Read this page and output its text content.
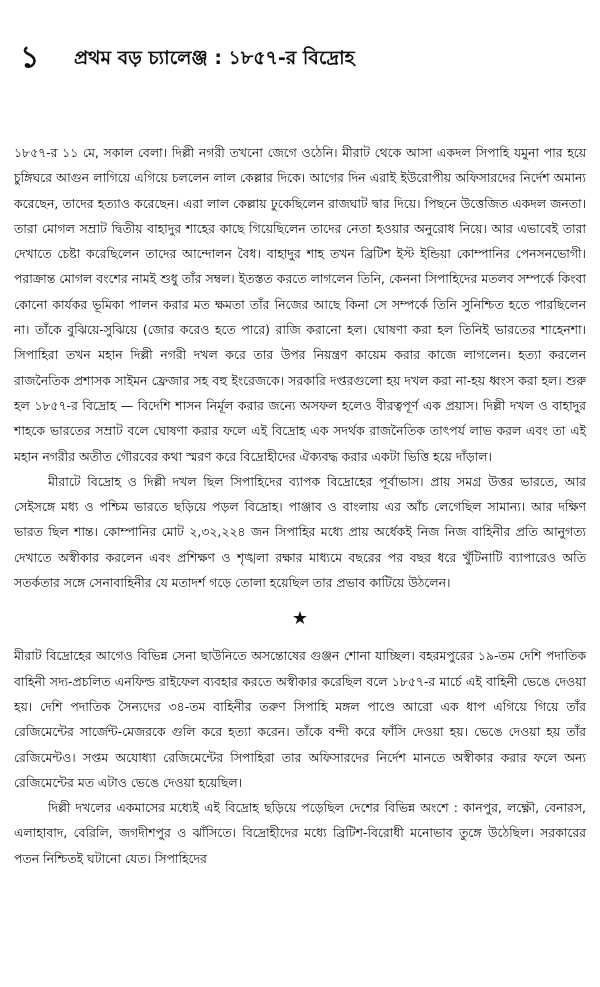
১	প্রথম বড় চ্যালেঞ্জ : ১৮৫৭-র বিদ্রোহ

১৮৫৭-র ১১ মে, সকাল বেলা। দিল্লী নগরী তখনো জেগে ওঠেনি। মীরাট থেকে আসা একদল সিপাহি যমুনা পার হয়ে চুঙ্গিঘরে আগুন লাগিয়ে এগিয়ে চললেন লাল কেল্লার দিকে। আগের দিন এরাই ইউরোপীয় অফিসারদের নির্দেশ অমান্য করেছেন, তাদের হত্যাও করেছেন। এরা লাল কেল্লায় ঢুকেছিলেন রাজঘাট দ্বার দিয়ে। পিছনে উত্তেজিত একদল জনতা। তারা মোগল সম্রাট দ্বিতীয় বাহাদুর শাহের কাছে গিয়েছিলেন তাদের নেতা হওয়ার অনুরোধ নিয়ে। আর এভাবেই তারা দেখাতে চেষ্টা করেছিলেন তাদের আন্দোলন বৈধ। বাহাদুর শাহ তখন ব্রিটিশ ইস্ট ইন্ডিয়া কোম্পানির পেনসনভোগী। পরাক্রান্ত মোগল বংশের নামই শুধু তাঁর সম্বল। ইতস্তত করতে লাগলেন তিনি, কেননা সিপাহিদের মতলব সম্পর্কে কিংবা কোনো কার্যকর ভূমিকা পালন করার মত ক্ষমতা তাঁর নিজের আছে কিনা সে সম্পর্কে তিনি সুনিশ্চিত হতে পারছিলেন না। তাঁকে বুঝিয়ে-সুঝিয়ে (জোর করেও হতে পারে) রাজি করানো হল। ঘোষণা করা হল তিনিই ভারতের শাহেনশা। সিপাহিরা তখন মহান দিল্লী নগরী দখল করে তার উপর নিয়ন্ত্রণ কায়েম করার কাজে লাগলেন। হত্যা করলেন রাজনৈতিক প্রশাসক সাইমন ফ্রেজার সহ বহু ইংরেজকে। সরকারি দপ্তরগুলো হয় দখল করা না-হয় ধ্বংস করা হল। শুরু হল ১৮৫৭-র বিদ্রোহ — বিদেশি শাসন নির্মূল করার জন্যে অসফল হলেও বীরত্বপূর্ণ এক প্রয়াস। দিল্লী দখল ও বাহাদুর শাহকে ভারতের সম্রাট বলে ঘোষণা করার ফলে এই বিদ্রোহ এক সদর্থক রাজনৈতিক তাৎপর্য লাভ করল এবং তা এই মহান নগরীর অতীত গৌরবের কথা স্মরণ করে বিদ্রোহীদের ঐক্যবদ্ধ করার একটা ভিত্তি হয়ে দাঁড়াল।

মীরাটে বিদ্রোহ ও দিল্লী দখল ছিল সিপাহিদের ব্যাপক বিদ্রোহের পূর্বাভাস। প্রায় সমগ্র উত্তর ভারতে, আর সেইসঙ্গে মধ্য ও পশ্চিম ভারতে ছড়িয়ে পড়ল বিদ্রোহ। পাঞ্জাব ও বাংলায় এর আঁচ লেগেছিল সামান্য। আর দক্ষিণ ভারত ছিল শান্ত। কোম্পানির মোট ২,৩২,২২৪ জন সিপাহির মধ্যে প্রায় অর্ধেকই নিজ নিজ বাহিনীর প্রতি আনুগত্য দেখাতে অস্বীকার করলেন এবং প্রশিক্ষণ ও শৃঙ্খলা রক্ষার মাধ্যমে বছরের পর বছর ধরে খুঁটিনাটি ব্যাপারেও অতি সতর্কতার সঙ্গে সেনাবাহিনীর যে মতাদর্শ গড়ে তোলা হয়েছিল তার প্রভাব কাটিয়ে উঠলেন।

★

মীরাট বিদ্রোহের আগেও বিভিন্ন সেনা ছাউনিতে অসন্তোষের গুঞ্জন শোনা যাচ্ছিল। বহরমপুরের ১৯-তম দেশি পদাতিক বাহিনী সদ্য-প্রচলিত এনফিল্ড রাইফেল ব্যবহার করতে অস্বীকার করেছিল বলে ১৮৫৭-র মার্চে এই বাহিনী ভেঙে দেওয়া হয়। দেশি পদাতিক সৈন্যদের ৩৪-তম বাহিনীর তরুণ সিপাহি মঙ্গল পাণ্ডে আরো এক ধাপ এগিয়ে গিয়ে তাঁর রেজিমেন্টের সার্জেন্ট-মেজরকে গুলি করে হত্যা করেন। তাঁকে বন্দী করে ফাঁসি দেওয়া হয়। ভেঙে দেওয়া হয় তাঁর রেজিমেন্টও। সপ্তম অযোধ্যা রেজিমেন্টের সিপাহিরা তার অফিসারদের নির্দেশ মানতে অস্বীকার করার ফলে অন্য রেজিমেন্টের মত এটাও ভেঙে দেওয়া হয়েছিল।

দিল্লী দখলের একমাসের মধ্যেই এই বিদ্রোহ ছড়িয়ে পড়েছিল দেশের বিভিন্ন অংশে : কানপুর, লক্ষ্ণৌ, বেনারস, এলাহাবাদ, বেরিলি, জগদীশপুর ও ঝাঁসিতে। বিদ্রোহীদের মধ্যে ব্রিটিশ-বিরোধী মনোভাব তুঙ্গে উঠেছিল। সরকারের পতন নিশ্চিতই ঘটানো যেত। সিপাহিদের
